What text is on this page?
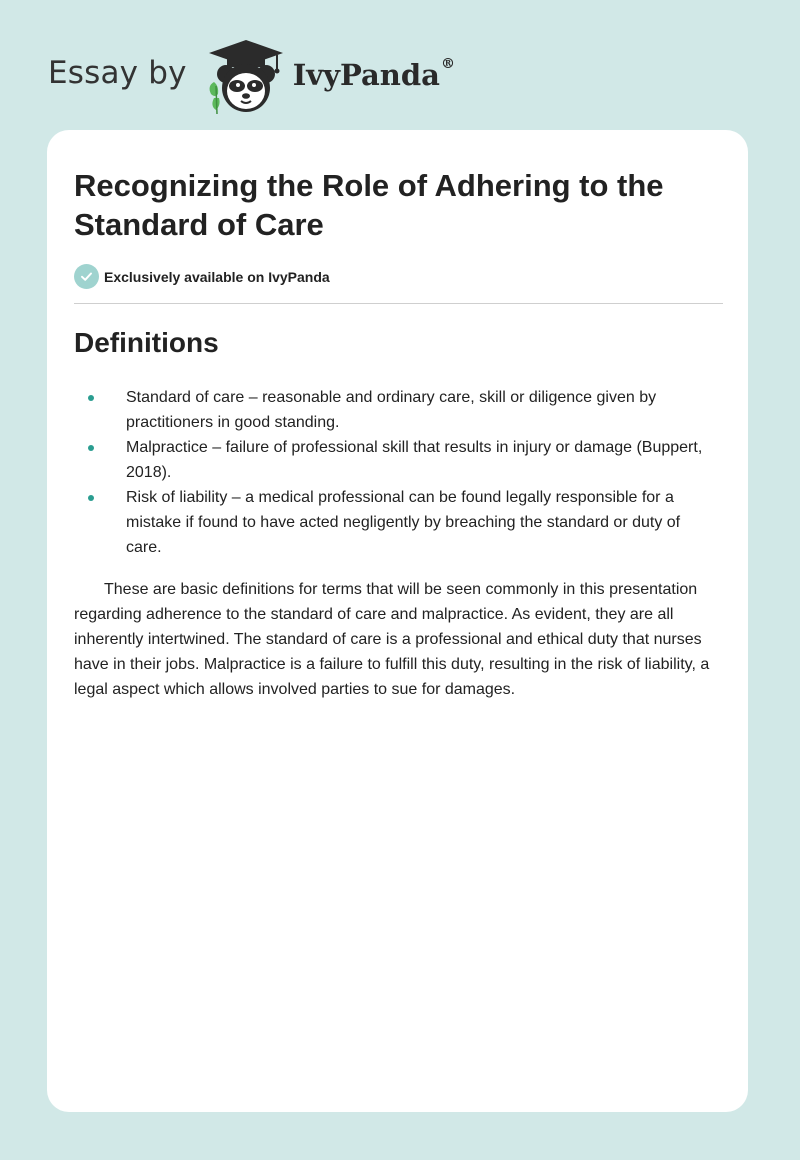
Essay by	IvyPanda®
Recognizing the Role of Adhering to the Standard of Care
Exclusively available on IvyPanda
Definitions
Standard of care – reasonable and ordinary care, skill or diligence given by practitioners in good standing.
Malpractice – failure of professional skill that results in injury or damage (Buppert, 2018).
Risk of liability – a medical professional can be found legally responsible for a mistake if found to have acted negligently by breaching the standard or duty of care.

These are basic definitions for terms that will be seen commonly in this presentation regarding adherence to the standard of care and malpractice. As evident, they are all inherently intertwined. The standard of care is a professional and ethical duty that nurses have in their jobs. Malpractice is a failure to fulfill this duty, resulting in the risk of liability, a legal aspect which allows involved parties to sue for damages.
